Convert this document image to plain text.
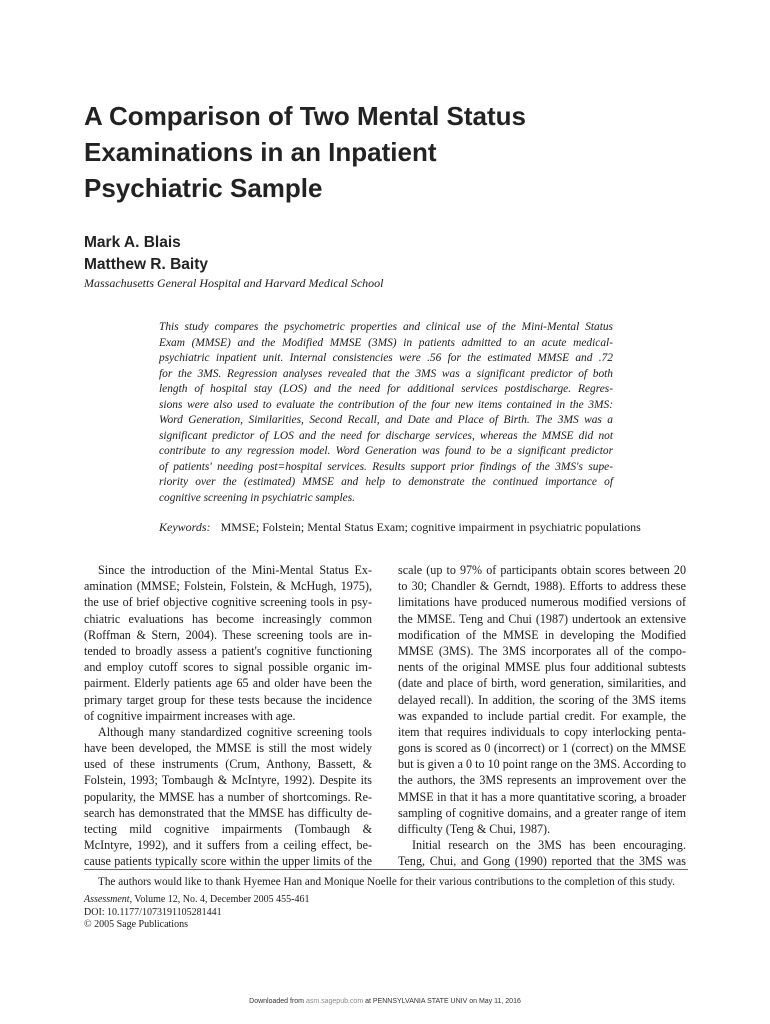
A Comparison of Two Mental Status
Examinations in an Inpatient
Psychiatric Sample
Mark A. Blais
Matthew R. Baity
Massachusetts General Hospital and Harvard Medical School
This study compares the psychometric properties and clinical use of the Mini-Mental Status
Exam (MMSE) and the Modified MMSE (3MS) in patients admitted to an acute medical-
psychiatric inpatient unit. Internal consistencies were .56 for the estimated MMSE and .72
for the 3MS. Regression analyses revealed that the 3MS was a significant predictor of both
length of hospital stay (LOS) and the need for additional services postdischarge. Regres-
sions were also used to evaluate the contribution of the four new items contained in the 3MS:
Word Generation, Similarities, Second Recall, and Date and Place of Birth. The 3MS was a
significant predictor of LOS and the need for discharge services, whereas the MMSE did not
contribute to any regression model. Word Generation was found to be a significant predictor
of patients' needing post=hospital services. Results support prior findings of the 3MS's supe-
riority over the (estimated) MMSE and help to demonstrate the continued importance of
cognitive screening in psychiatric samples.
Keywords: MMSE; Folstein; Mental Status Exam; cognitive impairment in psychiatric populations
Since the introduction of the Mini-Mental Status Ex-
amination (MMSE; Folstein, Folstein, & McHugh, 1975),
the use of brief objective cognitive screening tools in psy-
chiatric evaluations has become increasingly common
(Roffman & Stern, 2004). These screening tools are in-
tended to broadly assess a patient's cognitive functioning
and employ cutoff scores to signal possible organic im-
pairment. Elderly patients age 65 and older have been the
primary target group for these tests because the incidence
of cognitive impairment increases with age.
Although many standardized cognitive screening tools
have been developed, the MMSE is still the most widely
used of these instruments (Crum, Anthony, Bassett, &
Folstein, 1993; Tombaugh & McIntyre, 1992). Despite its
popularity, the MMSE has a number of shortcomings. Re-
search has demonstrated that the MMSE has difficulty de-
tecting mild cognitive impairments (Tombaugh &
McIntyre, 1992), and it suffers from a ceiling effect, be-
cause patients typically score within the upper limits of the
scale (up to 97% of participants obtain scores between 20
to 30; Chandler & Gerndt, 1988). Efforts to address these
limitations have produced numerous modified versions of
the MMSE. Teng and Chui (1987) undertook an extensive
modification of the MMSE in developing the Modified
MMSE (3MS). The 3MS incorporates all of the compo-
nents of the original MMSE plus four additional subtests
(date and place of birth, word generation, similarities, and
delayed recall). In addition, the scoring of the 3MS items
was expanded to include partial credit. For example, the
item that requires individuals to copy interlocking penta-
gons is scored as 0 (incorrect) or 1 (correct) on the MMSE
but is given a 0 to 10 point range on the 3MS. According to
the authors, the 3MS represents an improvement over the
MMSE in that it has a more quantitative scoring, a broader
sampling of cognitive domains, and a greater range of item
difficulty (Teng & Chui, 1987).
Initial research on the 3MS has been encouraging.
Teng, Chui, and Gong (1990) reported that the 3MS was
The authors would like to thank Hyemee Han and Monique Noelle for their various contributions to the completion of this study.
Assessment, Volume 12, No. 4, December 2005 455-461
DOI: 10.1177/1073191105281441
© 2005 Sage Publications
Downloaded from asm.sagepub.com at PENNSYLVANIA STATE UNIV on May 11, 2016
